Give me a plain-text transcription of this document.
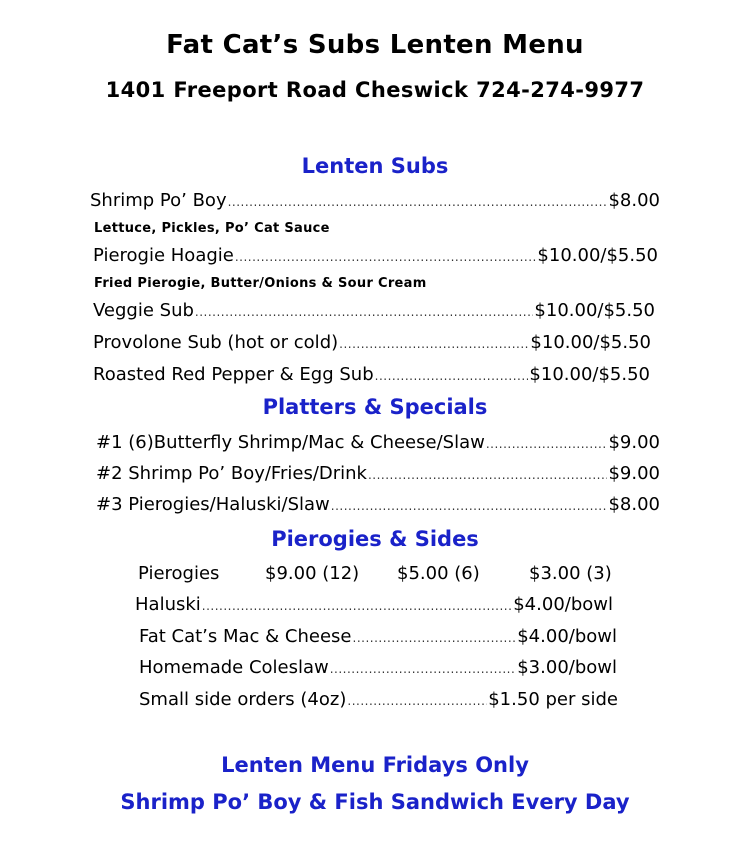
Fat Cat’s Subs Lenten Menu
1401 Freeport Road Cheswick 724-274-9977
Lenten Subs
Shrimp Po’ Boy .....	$8.00
Lettuce, Pickles, Po’ Cat Sauce
Pierogie Hoagie .....	$10.00/$5.50
Fried Pierogie, Butter/Onions & Sour Cream
Veggie Sub .....	$10.00/$5.50
Provolone Sub (hot or cold) .....	$10.00/$5.50
Roasted Red Pepper & Egg Sub .....	$10.00/$5.50
Platters & Specials
#1 (6)Butterfly Shrimp/Mac & Cheese/Slaw .....	$9.00
#2 Shrimp Po’ Boy/Fries/Drink .....	$9.00
#3 Pierogies/Haluski/Slaw .....	$8.00
Pierogies & Sides
Pierogies	$9.00 (12) $5.00 (6)	$3.00 (3)
Haluski .....	$4.00/bowl
Fat Cat’s Mac & Cheese .....	$4.00/bowl
Homemade Coleslaw .....	$3.00/bowl
Small side orders (4oz) .....	$1.50 per side
Lenten Menu Fridays Only
Shrimp Po’ Boy & Fish Sandwich Every Day
